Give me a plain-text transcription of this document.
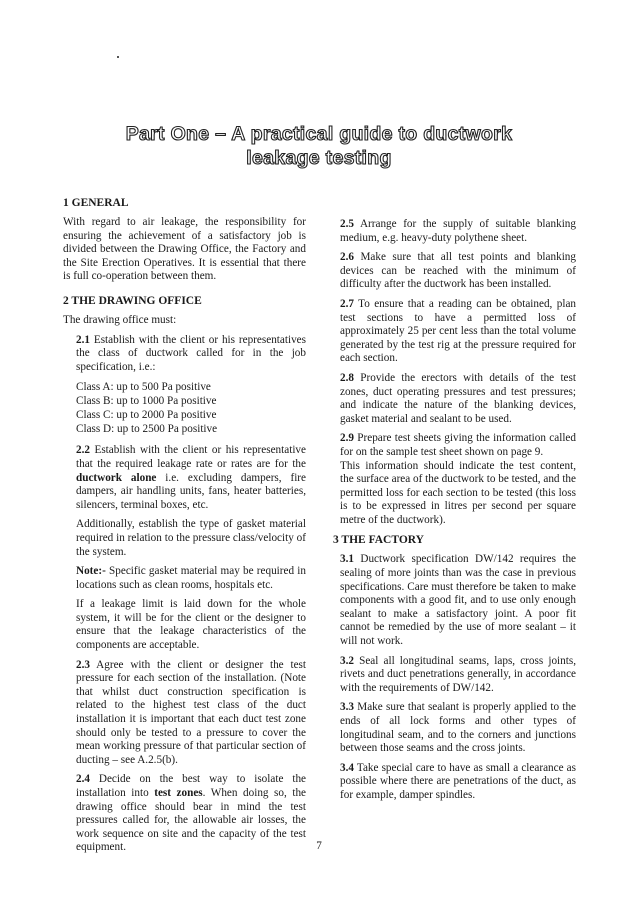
Part One – A practical guide to ductwork
leakage testing
1 GENERAL

With regard to air leakage, the responsibility for ensuring the achievement of a satisfactory job is divided between the Drawing Office, the Factory and the Site Erection Operatives. It is essential that there is full co-operation between them.

2 THE DRAWING OFFICE

The drawing office must:

2.1 Establish with the client or his representatives the class of ductwork called for in the job specification, i.e.:

Class A: up to 500 Pa positive
Class B: up to 1000 Pa positive
Class C: up to 2000 Pa positive
Class D: up to 2500 Pa positive

2.2 Establish with the client or his representative that the required leakage rate or rates are for the ductwork alone i.e. excluding dampers, fire dampers, air handling units, fans, heater batteries, silencers, terminal boxes, etc.

Additionally, establish the type of gasket material required in relation to the pressure class/velocity of the system.

Note:- Specific gasket material may be required in locations such as clean rooms, hospitals etc.

If a leakage limit is laid down for the whole system, it will be for the client or the designer to ensure that the leakage characteristics of the components are acceptable.

2.3 Agree with the client or designer the test pressure for each section of the installation. (Note that whilst duct construction specification is related to the highest test class of the duct installation it is important that each duct test zone should only be tested to a pressure to cover the mean working pressure of that particular section of ducting – see A.2.5(b).

2.4 Decide on the best way to isolate the installation into test zones. When doing so, the drawing office should bear in mind the test pressures called for, the allowable air losses, the work sequence on site and the capacity of the test equipment.

2.5 Arrange for the supply of suitable blanking medium, e.g. heavy-duty polythene sheet.

2.6 Make sure that all test points and blanking devices can be reached with the minimum of difficulty after the ductwork has been installed.

2.7 To ensure that a reading can be obtained, plan test sections to have a permitted loss of approximately 25 per cent less than the total volume generated by the test rig at the pressure required for each section.

2.8 Provide the erectors with details of the test zones, duct operating pressures and test pressures; and indicate the nature of the blanking devices, gasket material and sealant to be used.

2.9 Prepare test sheets giving the information called for on the sample test sheet shown on page 9.

This information should indicate the test content, the surface area of the ductwork to be tested, and the permitted loss for each section to be tested (this loss is to be expressed in litres per second per square metre of the ductwork).

3 THE FACTORY

3.1 Ductwork specification DW/142 requires the sealing of more joints than was the case in previous specifications. Care must therefore be taken to make components with a good fit, and to use only enough sealant to make a satisfactory joint. A poor fit cannot be remedied by the use of more sealant – it will not work.

3.2 Seal all longitudinal seams, laps, cross joints, rivets and duct penetrations generally, in accordance with the requirements of DW/142.

3.3 Make sure that sealant is properly applied to the ends of all lock forms and other types of longitudinal seam, and to the corners and junctions between those seams and the cross joints.

3.4 Take special care to have as small a clearance as possible where there are penetrations of the duct, as for example, damper spindles.

7
